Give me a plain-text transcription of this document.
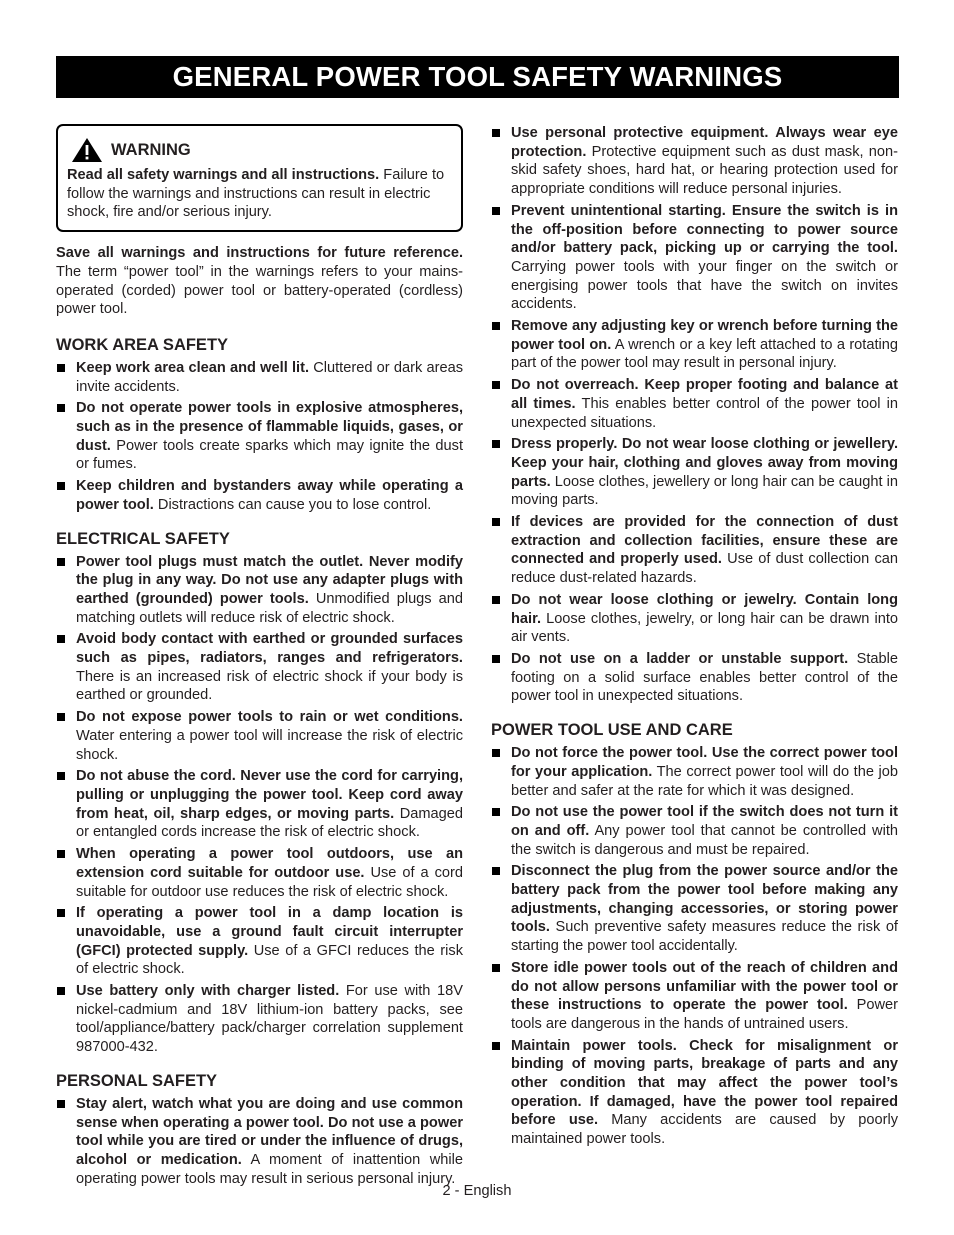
GENERAL POWER TOOL SAFETY WARNINGS
WARNING

Read all safety warnings and all instructions. Failure to follow the warnings and instructions can result in electric shock, fire and/or serious injury.

Save all warnings and instructions for future reference. The term “power tool” in the warnings refers to your mains-operated (corded) power tool or battery-operated (cordless) power tool.

WORK AREA SAFETY
Keep work area clean and well lit. Cluttered or dark areas invite accidents.
Do not operate power tools in explosive atmospheres, such as in the presence of flammable liquids, gases, or dust. Power tools create sparks which may ignite the dust or fumes.
Keep children and bystanders away while operating a power tool. Distractions can cause you to lose control.
ELECTRICAL SAFETY
Power tool plugs must match the outlet. Never modify the plug in any way. Do not use any adapter plugs with earthed (grounded) power tools. Unmodified plugs and matching outlets will reduce risk of electric shock.
Avoid body contact with earthed or grounded surfaces such as pipes, radiators, ranges and refrigerators. There is an increased risk of electric shock if your body is earthed or grounded.
Do not expose power tools to rain or wet conditions. Water entering a power tool will increase the risk of electric shock.
Do not abuse the cord. Never use the cord for carrying, pulling or unplugging the power tool. Keep cord away from heat, oil, sharp edges, or moving parts. Damaged or entangled cords increase the risk of electric shock.
When operating a power tool outdoors, use an extension cord suitable for outdoor use. Use of a cord suitable for outdoor use reduces the risk of electric shock.
If operating a power tool in a damp location is unavoidable, use a ground fault circuit interrupter (GFCI) protected supply. Use of a GFCI reduces the risk of electric shock.
Use battery only with charger listed. For use with 18V nickel-cadmium and 18V lithium-ion battery packs, see tool/appliance/battery pack/charger correlation supplement 987000-432.
PERSONAL SAFETY
Stay alert, watch what you are doing and use common sense when operating a power tool. Do not use a power tool while you are tired or under the influence of drugs, alcohol or medication. A moment of inattention while operating power tools may result in serious personal injury.
Use personal protective equipment. Always wear eye protection. Protective equipment such as dust mask, non-skid safety shoes, hard hat, or hearing protection used for appropriate conditions will reduce personal injuries.
Prevent unintentional starting. Ensure the switch is in the off-position before connecting to power source and/or battery pack, picking up or carrying the tool. Carrying power tools with your finger on the switch or energising power tools that have the switch on invites accidents.
Remove any adjusting key or wrench before turning the power tool on. A wrench or a key left attached to a rotating part of the power tool may result in personal injury.
Do not overreach. Keep proper footing and balance at all times. This enables better control of the power tool in unexpected situations.
Dress properly. Do not wear loose clothing or jewellery. Keep your hair, clothing and gloves away from moving parts. Loose clothes, jewellery or long hair can be caught in moving parts.
If devices are provided for the connection of dust extraction and collection facilities, ensure these are connected and properly used. Use of dust collection can reduce dust-related hazards.
Do not wear loose clothing or jewelry. Contain long hair. Loose clothes, jewelry, or long hair can be drawn into air vents.
Do not use on a ladder or unstable support. Stable footing on a solid surface enables better control of the power tool in unexpected situations.
POWER TOOL USE AND CARE
Do not force the power tool. Use the correct power tool for your application. The correct power tool will do the job better and safer at the rate for which it was designed.
Do not use the power tool if the switch does not turn it on and off. Any power tool that cannot be controlled with the switch is dangerous and must be repaired.
Disconnect the plug from the power source and/or the battery pack from the power tool before making any adjustments, changing accessories, or storing power tools. Such preventive safety measures reduce the risk of starting the power tool accidentally.
Store idle power tools out of the reach of children and do not allow persons unfamiliar with the power tool or these instructions to operate the power tool. Power tools are dangerous in the hands of untrained users.
Maintain power tools. Check for misalignment or binding of moving parts, breakage of parts and any other condition that may affect the power tool’s operation. If damaged, have the power tool repaired before use. Many accidents are caused by poorly maintained power tools.
2 - English
